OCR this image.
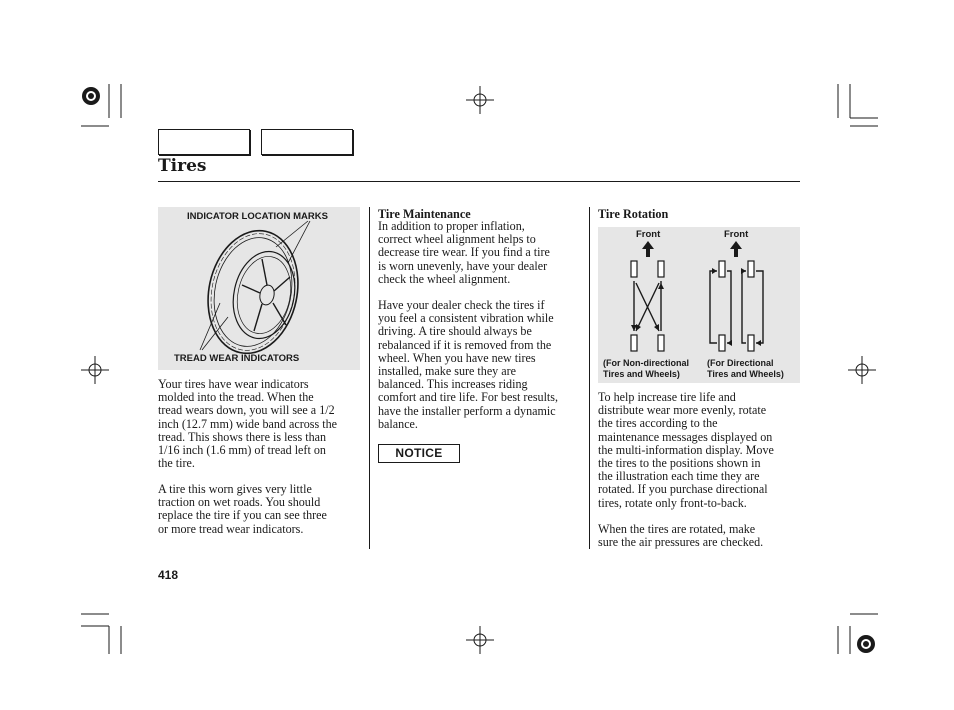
Tires
INDICATOR LOCATION MARKS
TREAD WEAR INDICATORS
Your tires have wear indicators
molded into the tread. When the
tread wears down, you will see a 1/2
inch (12.7 mm) wide band across the
tread. This shows there is less than
1/16 inch (1.6 mm) of tread left on
the tire.
A tire this worn gives very little
traction on wet roads. You should
replace the tire if you can see three
or more tread wear indicators.
Tire Maintenance
In addition to proper inflation,
correct wheel alignment helps to
decrease tire wear. If you find a tire
is worn unevenly, have your dealer
check the wheel alignment.
Have your dealer check the tires if
you feel a consistent vibration while
driving. A tire should always be
rebalanced if it is removed from the
wheel. When you have new tires
installed, make sure they are
balanced. This increases riding
comfort and tire life. For best results,
have the installer perform a dynamic
balance.
NOTICE
Tire Rotation
Front	Front
(For Non-directional
Tires and Wheels)
(For Directional
Tires and Wheels)
To help increase tire life and
distribute wear more evenly, rotate
the tires according to the
maintenance messages displayed on
the multi-information display. Move
the tires to the positions shown in
the illustration each time they are
rotated. If you purchase directional
tires, rotate only front-to-back.
When the tires are rotated, make
sure the air pressures are checked.
418
